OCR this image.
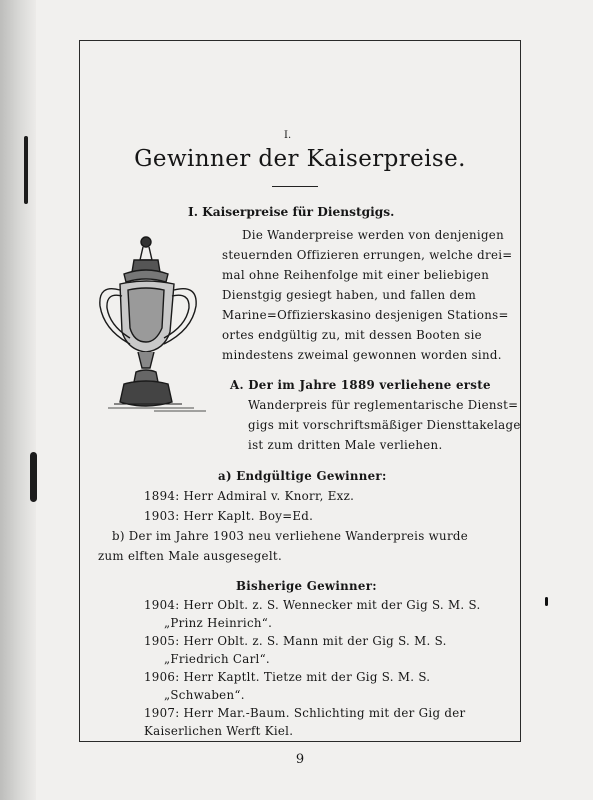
I.
Gewinner der Kaiserpreise.
I. Kaiserpreise für Dienstgigs.
Die Wanderpreise werden von denjenigen
steuernden Offizieren errungen, welche drei=
mal ohne Reihenfolge mit einer beliebigen
Dienstgig gesiegt haben, und fallen dem
Marine=Offizierskasino desjenigen Stations=
ortes endgültig zu, mit dessen Booten sie
mindestens zweimal gewonnen worden sind.
A. Der im Jahre 1889 verliehene erste
Wanderpreis für reglementarische Dienst=
gigs mit vorschriftsmäßiger Diensttakelage
ist zum dritten Male verliehen.
a) Endgültige Gewinner:
1894: Herr Admiral v. Knorr, Exz.
1903: Herr Kaplt. Boy=Ed.
b) Der im Jahre 1903 neu verliehene Wanderpreis wurde
zum elften Male ausgesegelt.
Bisherige Gewinner:
1904: Herr Oblt. z. S. Wennecker mit der Gig S. M. S.
„Prinz Heinrich“.
1905: Herr Oblt. z. S. Mann mit der Gig S. M. S.
„Friedrich Carl“.
1906: Herr Kaptlt. Tietze mit der Gig S. M. S.
„Schwaben“.
9
1907: Herr Mar.-Baum. Schlichting mit der Gig der
Kaiserlichen Werft Kiel.
